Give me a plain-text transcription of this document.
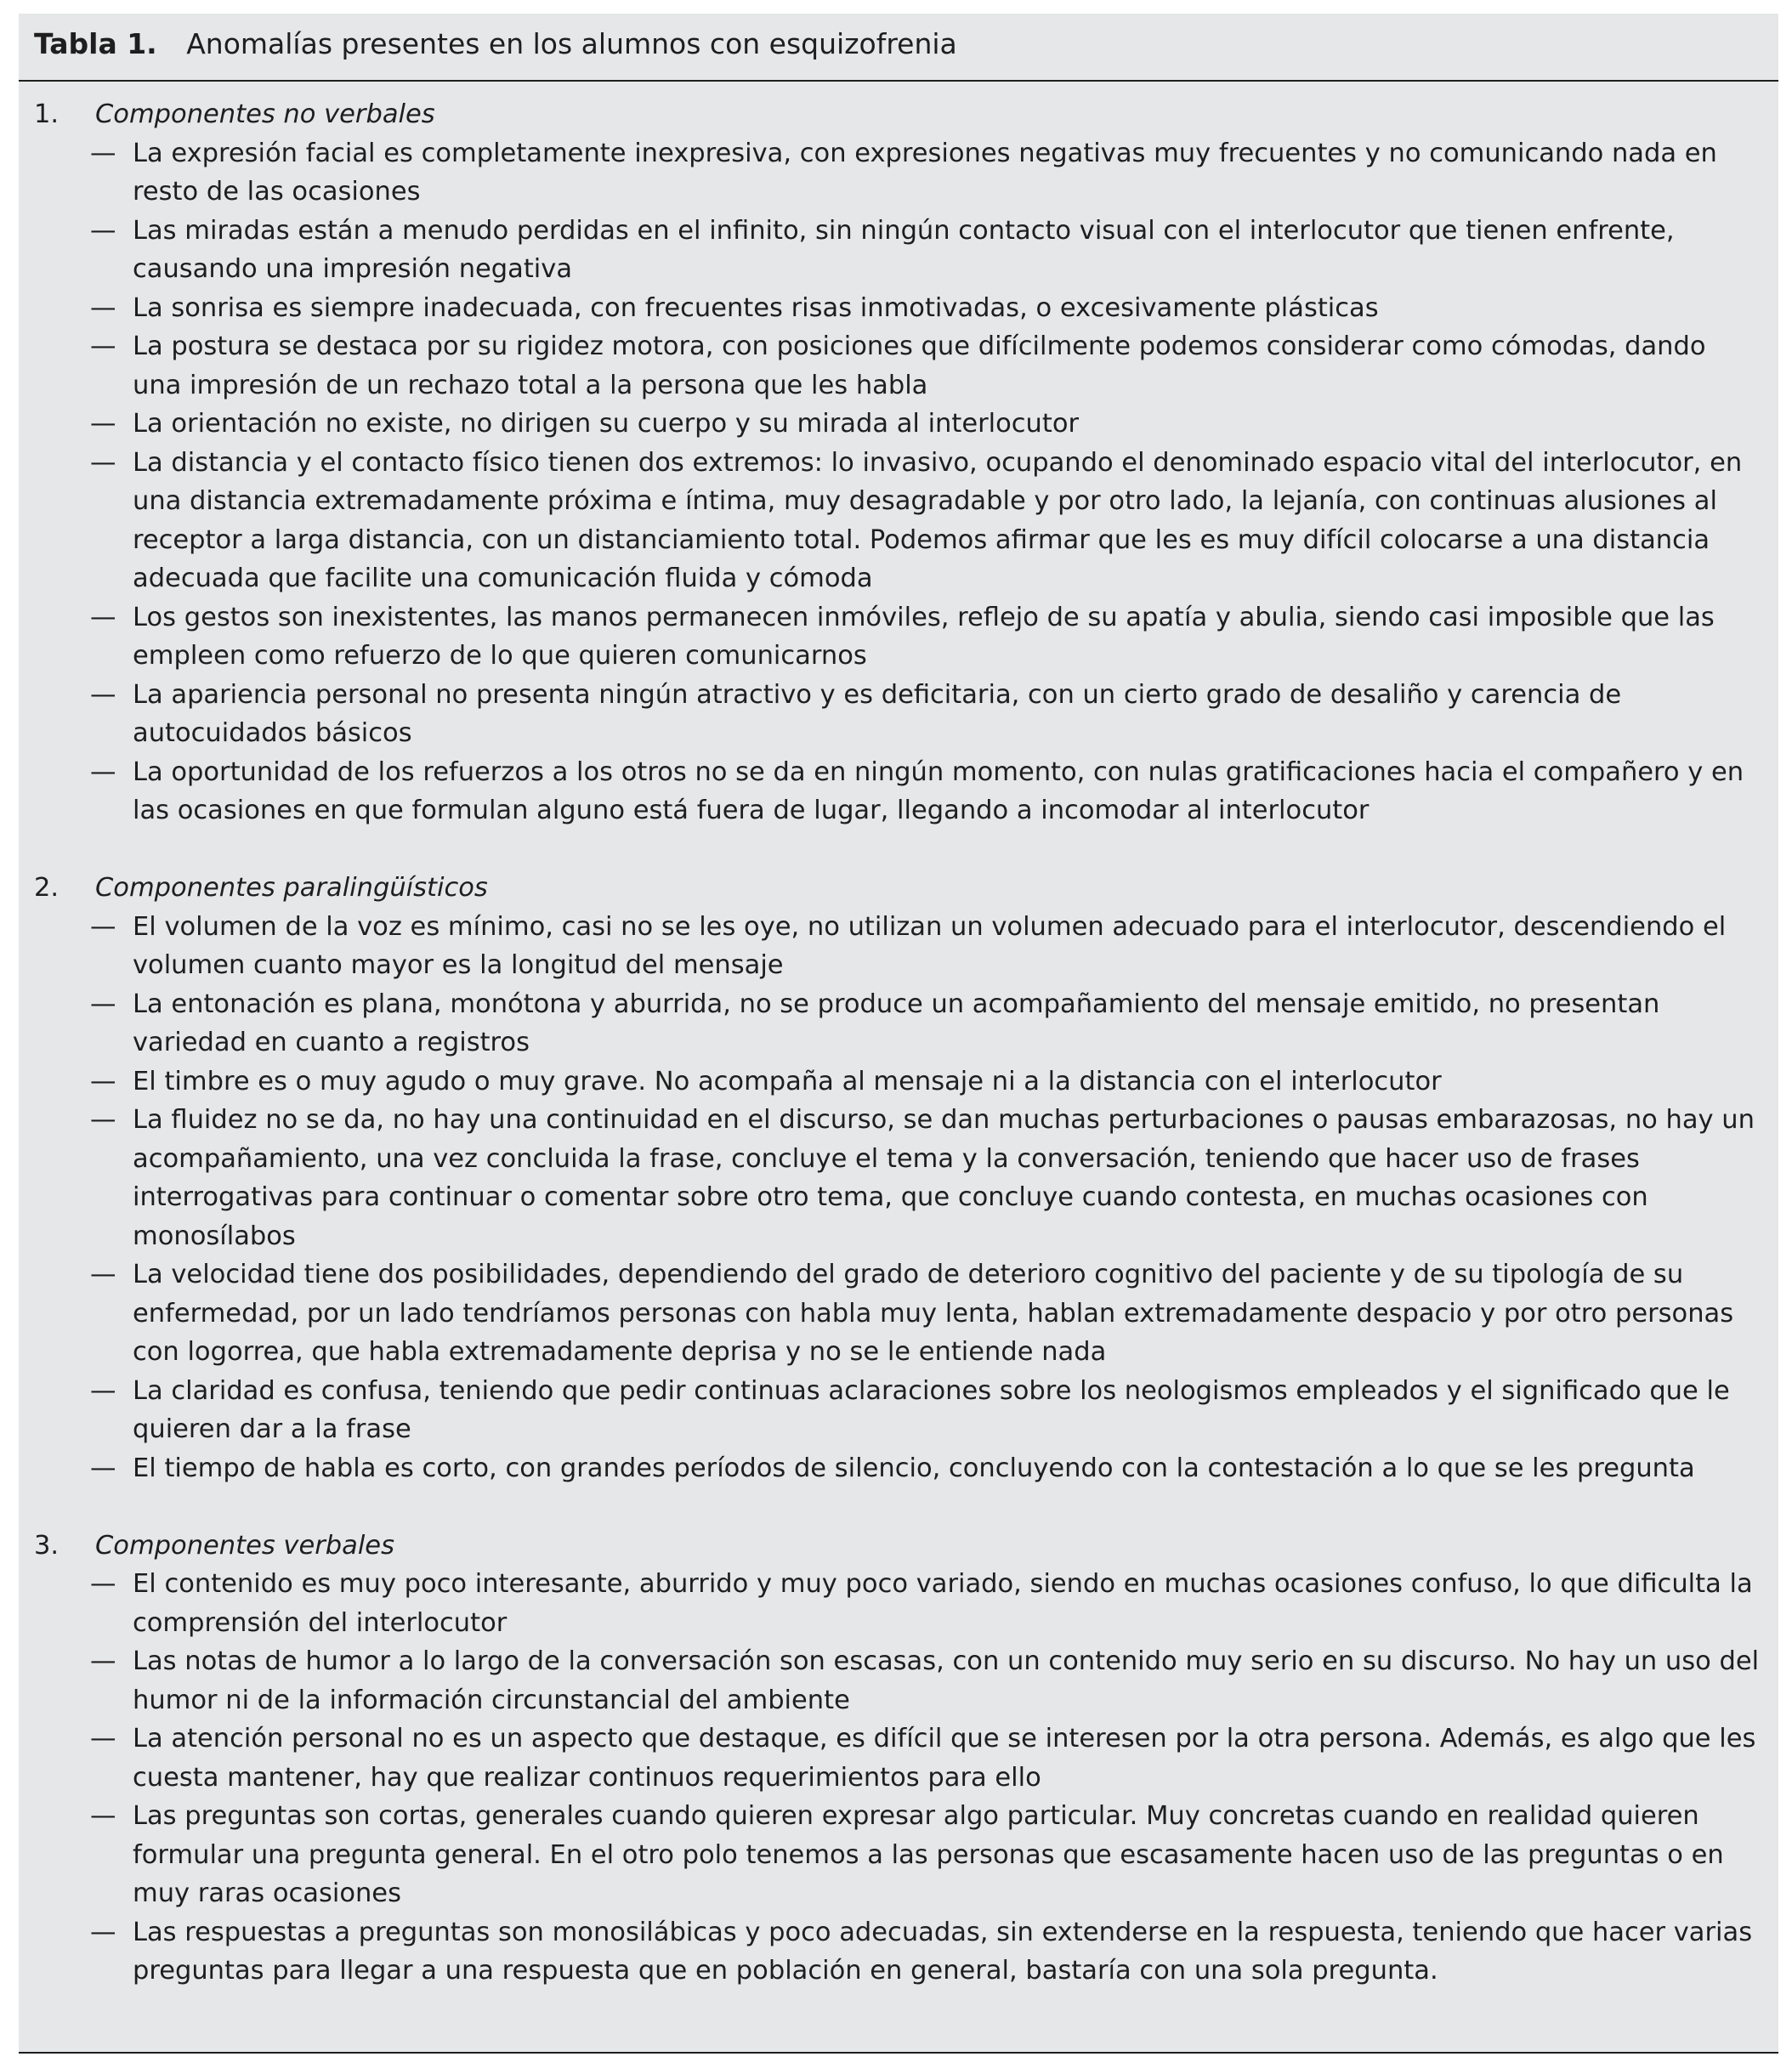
Tabla 1. Anomalías presentes en los alumnos con esquizofrenia
1. Componentes no verbales
— La expresión facial es completamente inexpresiva, con expresiones negativas muy frecuentes y no comunicando nada en resto de las ocasiones
— Las miradas están a menudo perdidas en el infinito, sin ningún contacto visual con el interlocutor que tienen enfrente, causando una impresión negativa
— La sonrisa es siempre inadecuada, con frecuentes risas inmotivadas, o excesivamente plásticas
— La postura se destaca por su rigidez motora, con posiciones que difícilmente podemos considerar como cómodas, dando una impresión de un rechazo total a la persona que les habla
— La orientación no existe, no dirigen su cuerpo y su mirada al interlocutor
— La distancia y el contacto físico tienen dos extremos: lo invasivo, ocupando el denominado espacio vital del interlocutor, en una distancia extremadamente próxima e íntima, muy desagradable y por otro lado, la lejanía, con continuas alusiones al receptor a larga distancia, con un distanciamiento total. Podemos afirmar que les es muy difícil colocarse a una distancia adecuada que facilite una comunicación fluida y cómoda
— Los gestos son inexistentes, las manos permanecen inmóviles, reflejo de su apatía y abulia, siendo casi imposible que las empleen como refuerzo de lo que quieren comunicarnos
— La apariencia personal no presenta ningún atractivo y es deficitaria, con un cierto grado de desaliño y carencia de autocuidados básicos
— La oportunidad de los refuerzos a los otros no se da en ningún momento, con nulas gratificaciones hacia el compañero y en las ocasiones en que formulan alguno está fuera de lugar, llegando a incomodar al interlocutor
2. Componentes paralingüísticos
— El volumen de la voz es mínimo, casi no se les oye, no utilizan un volumen adecuado para el interlocutor, descendiendo el volumen cuanto mayor es la longitud del mensaje
— La entonación es plana, monótona y aburrida, no se produce un acompañamiento del mensaje emitido, no presentan variedad en cuanto a registros
— El timbre es o muy agudo o muy grave. No acompaña al mensaje ni a la distancia con el interlocutor
— La fluidez no se da, no hay una continuidad en el discurso, se dan muchas perturbaciones o pausas embarazosas, no hay un acompañamiento, una vez concluida la frase, concluye el tema y la conversación, teniendo que hacer uso de frases interrogativas para continuar o comentar sobre otro tema, que concluye cuando contesta, en muchas ocasiones con monosílabos
— La velocidad tiene dos posibilidades, dependiendo del grado de deterioro cognitivo del paciente y de su tipología de su enfermedad, por un lado tendríamos personas con habla muy lenta, hablan extremadamente despacio y por otro personas con logorrea, que habla extremadamente deprisa y no se le entiende nada
— La claridad es confusa, teniendo que pedir continuas aclaraciones sobre los neologismos empleados y el significado que le quieren dar a la frase
— El tiempo de habla es corto, con grandes períodos de silencio, concluyendo con la contestación a lo que se les pregunta
3. Componentes verbales
— El contenido es muy poco interesante, aburrido y muy poco variado, siendo en muchas ocasiones confuso, lo que dificulta la comprensión del interlocutor
— Las notas de humor a lo largo de la conversación son escasas, con un contenido muy serio en su discurso. No hay un uso del humor ni de la información circunstancial del ambiente
— La atención personal no es un aspecto que destaque, es difícil que se interesen por la otra persona. Además, es algo que les cuesta mantener, hay que realizar continuos requerimientos para ello
— Las preguntas son cortas, generales cuando quieren expresar algo particular. Muy concretas cuando en realidad quieren formular una pregunta general. En el otro polo tenemos a las personas que escasamente hacen uso de las preguntas o en muy raras ocasiones
— Las respuestas a preguntas son monosilábicas y poco adecuadas, sin extenderse en la respuesta, teniendo que hacer varias preguntas para llegar a una respuesta que en población en general, bastaría con una sola pregunta.
